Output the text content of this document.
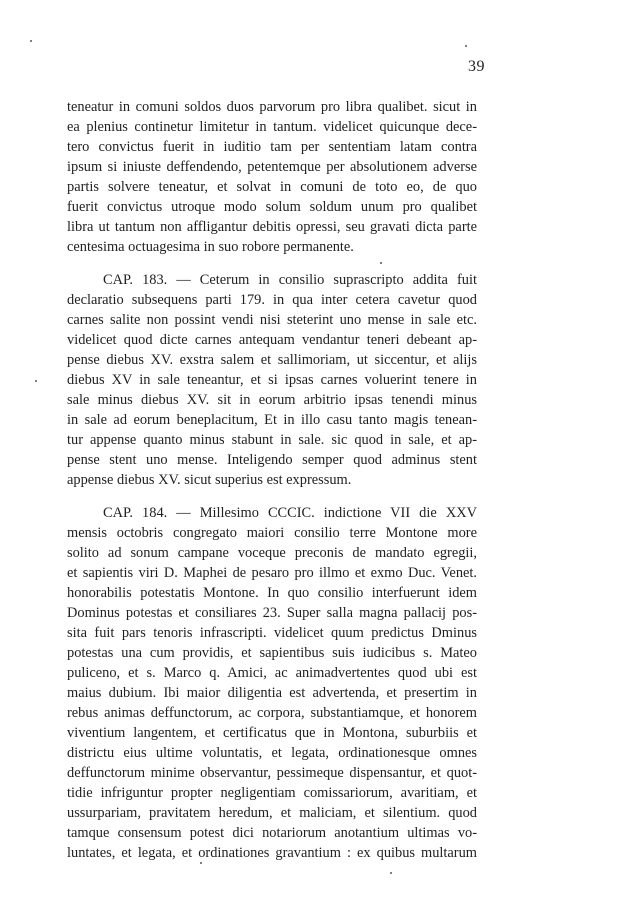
39
teneatur in comuni soldos duos parvorum pro libra qualibet. sicut in
ea plenius continetur limitetur in tantum. videlicet quicunque dece-
tero convictus fuerit in iuditio tam per sententiam latam contra
ipsum si iniuste deffendendo, petentemque per absolutionem adverse
partis solvere teneatur, et solvat in comuni de toto eo, de quo
fuerit convictus utroque modo solum soldum unum pro qualibet
libra ut tantum non affligantur debitis opressi, seu gravati dicta parte
centesima octuagesima in suo robore permanente.
CAP. 183. — Ceterum in consilio suprascripto addita fuit
declaratio subsequens parti 179. in qua inter cetera cavetur quod
carnes salite non possint vendi nisi steterint uno mense in sale etc.
videlicet quod dicte carnes antequam vendantur teneri debeant ap-
pense diebus XV. exstra salem et sallimoriam, ut siccentur, et alijs
diebus XV in sale teneantur, et si ipsas carnes voluerint tenere in
sale minus diebus XV. sit in eorum arbitrio ipsas tenendi minus
in sale ad eorum beneplacitum, Et in illo casu tanto magis tenean-
tur appense quanto minus stabunt in sale. sic quod in sale, et ap-
pense stent uno mense. Inteligendo semper quod adminus stent
appense diebus XV. sicut superius est expressum.
CAP. 184. — Millesimo CCCIC. indictione VII die XXV
mensis octobris congregato maiori consilio terre Montone more
solito ad sonum campane voceque preconis de mandato egregii,
et sapientis viri D. Maphei de pesaro pro illmo et exmo Duc. Venet.
honorabilis potestatis Montone. In quo consilio interfuerunt idem
Dominus potestas et consiliares 23. Super salla magna pallacij pos-
sita fuit pars tenoris infrascripti. videlicet quum predictus Dminus
potestas una cum providis, et sapientibus suis iudicibus s. Mateo
puliceno, et s. Marco q. Amici, ac animadvertentes quod ubi est
maius dubium. Ibi maior diligentia est advertenda, et presertim in
rebus animas deffunctorum, ac corpora, substantiamque, et honorem
viventium langentem, et certificatus que in Montona, suburbiis et
districtu eius ultime voluntatis, et legata, ordinationesque omnes
deffunctorum minime observantur, pessimeque dispensantur, et quot-
tidie infriguntur propter negligentiam comissariorum, avaritiam, et
ussurpariam, pravitatem heredum, et maliciam, et silentium. quod
tamque consensum potest dici notariorum anotantium ultimas vo-
luntates, et legata, et ordinationes gravantium : ex quibus multarum
